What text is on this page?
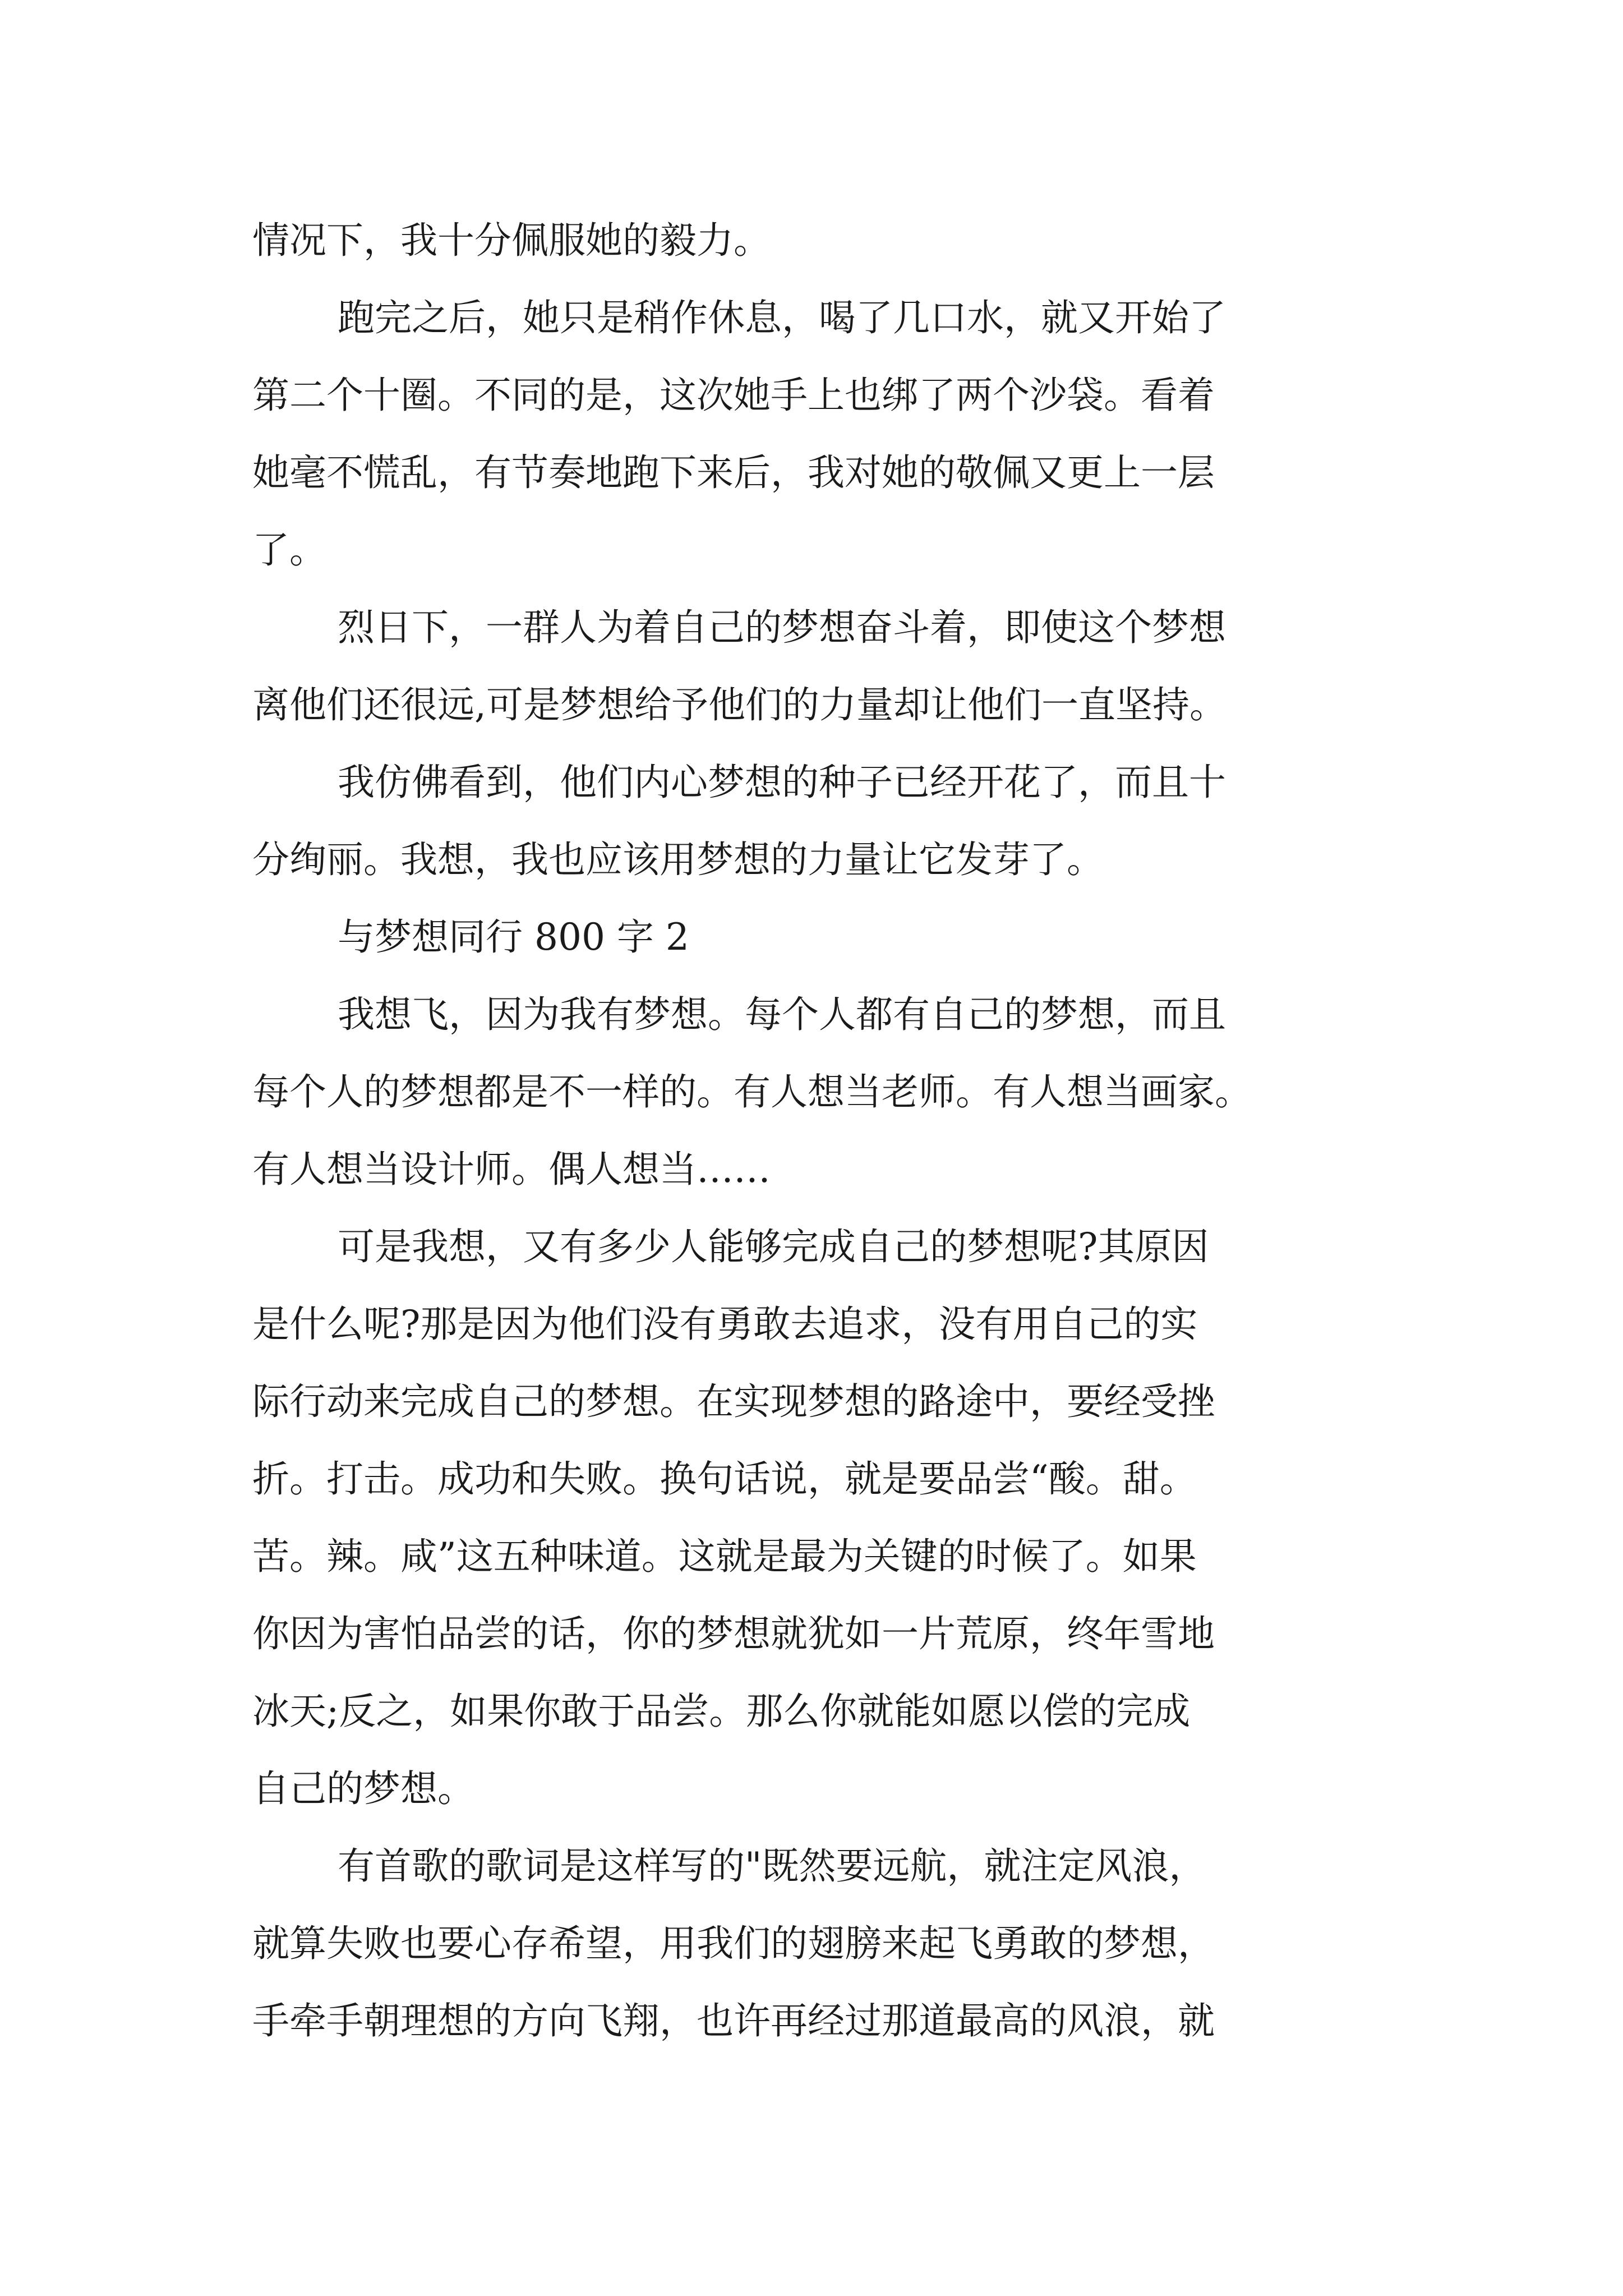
情况下，我十分佩服她的毅力。

跑完之后，她只是稍作休息，喝了几口水，就又开始了
第二个十圈。不同的是，这次她手上也绑了两个沙袋。看着
她毫不慌乱，有节奏地跑下来后，我对她的敬佩又更上一层
了。

烈日下，一群人为着自己的梦想奋斗着，即使这个梦想
离他们还很远,可是梦想给予他们的力量却让他们一直坚持。

我仿佛看到，他们内心梦想的种子已经开花了，而且十
分绚丽。我想，我也应该用梦想的力量让它发芽了。

与梦想同行 800 字 2

我想飞，因为我有梦想。每个人都有自己的梦想，而且
每个人的梦想都是不一样的。有人想当老师。有人想当画家。
有人想当设计师。偶人想当……

可是我想，又有多少人能够完成自己的梦想呢?其原因
是什么呢?那是因为他们没有勇敢去追求，没有用自己的实
际行动来完成自己的梦想。在实现梦想的路途中，要经受挫
折。打击。成功和失败。换句话说，就是要品尝“酸。甜。
苦。辣。咸”这五种味道。这就是最为关键的时候了。如果
你因为害怕品尝的话，你的梦想就犹如一片荒原，终年雪地
冰天;反之，如果你敢于品尝。那么你就能如愿以偿的完成
自己的梦想。

有首歌的歌词是这样写的"既然要远航，就注定风浪，
就算失败也要心存希望，用我们的翅膀来起飞勇敢的梦想，
手牵手朝理想的方向飞翔，也许再经过那道最高的风浪，就
